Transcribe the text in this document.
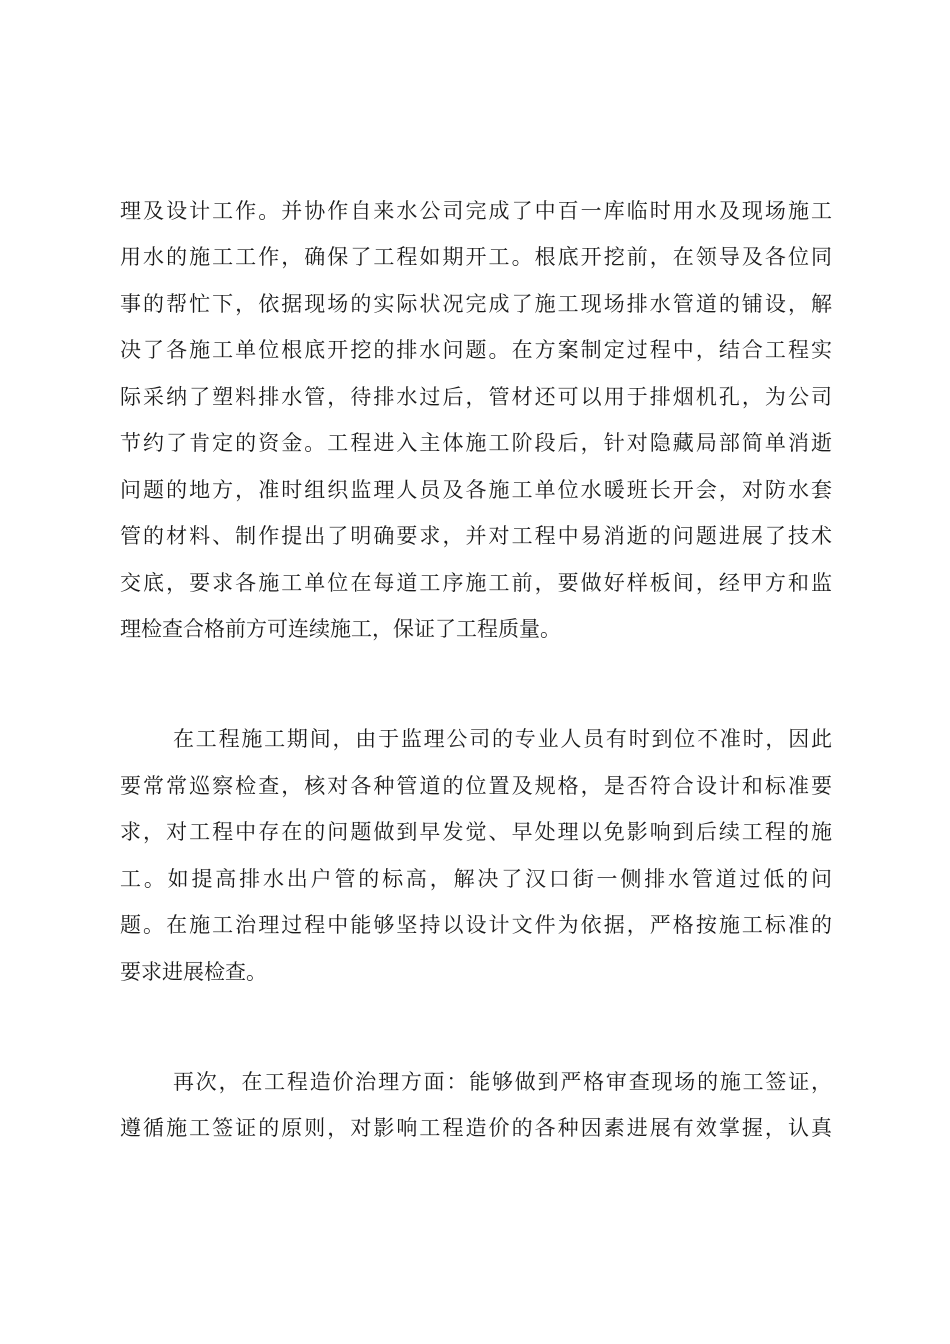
理及设计工作。并协作自来水公司完成了中百一库临时用水及现场施工
用水的施工工作，确保了工程如期开工。根底开挖前，在领导及各位同
事的帮忙下，依据现场的实际状况完成了施工现场排水管道的铺设，解
决了各施工单位根底开挖的排水问题。在方案制定过程中，结合工程实
际采纳了塑料排水管，待排水过后，管材还可以用于排烟机孔，为公司
节约了肯定的资金。工程进入主体施工阶段后，针对隐藏局部简单消逝
问题的地方，准时组织监理人员及各施工单位水暖班长开会，对防水套
管的材料、制作提出了明确要求，并对工程中易消逝的问题进展了技术
交底，要求各施工单位在每道工序施工前，要做好样板间，经甲方和监
理检查合格前方可连续施工，保证了工程质量。
在工程施工期间，由于监理公司的专业人员有时到位不准时，因此
要常常巡察检查，核对各种管道的位置及规格，是否符合设计和标准要
求，对工程中存在的问题做到早发觉、早处理以免影响到后续工程的施
工。如提高排水出户管的标高，解决了汉口街一侧排水管道过低的问
题。在施工治理过程中能够坚持以设计文件为依据，严格按施工标准的
要求进展检查。
再次，在工程造价治理方面：能够做到严格审查现场的施工签证，
遵循施工签证的原则，对影响工程造价的各种因素进展有效掌握，认真
